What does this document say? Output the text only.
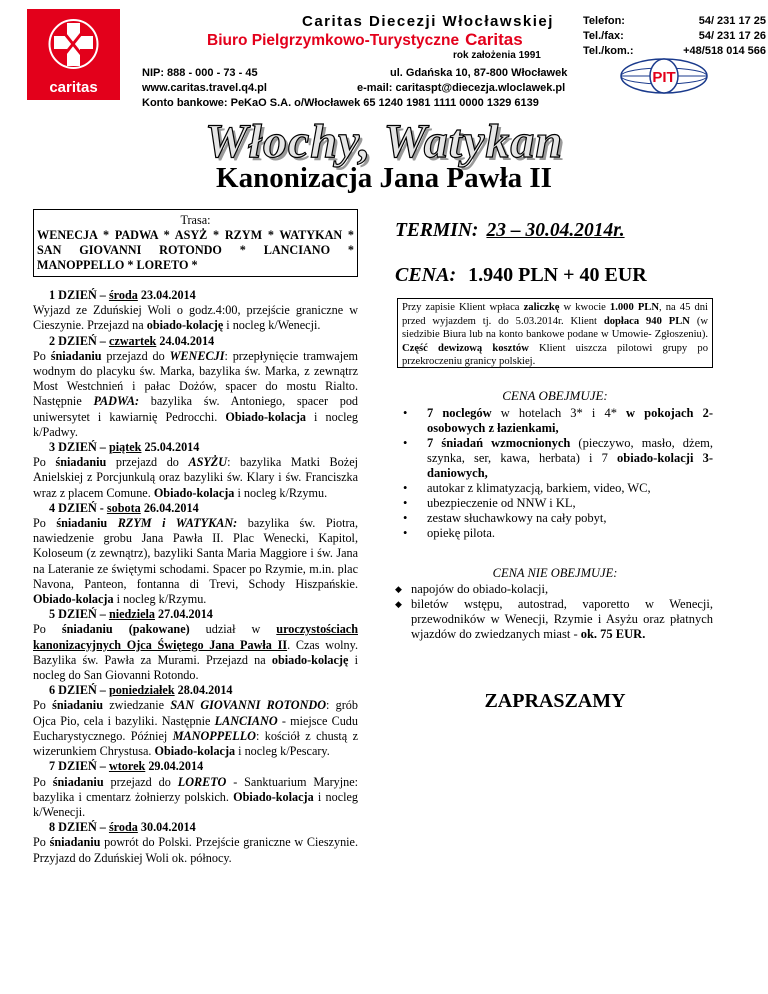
caritas
Caritas Diecezji Włocławskiej
Biuro Pielgrzymkowo-Turystyczne Caritas
rok założenia 1991
NIP: 888 - 000 - 73 - 45	ul. Gdańska 10, 87-800 Włocławek
www.caritas.travel.q4.pl	e-mail: caritaspt@diecezja.wloclawek.pl
Konto bankowe: PeKaO S.A. o/Włocławek 65 1240 1981 1111 0000 1329 6139
Telefon:	54/ 231 17 25
Tel./fax:	54/ 231 17 26
Tel./kom.:	+48/518 014 566
PIT
Włochy, Watykan
Kanonizacja Jana Pawła II
Trasa:
WENECJA * PADWA * ASYŻ * RZYM * WATYKAN * SAN GIOVANNI ROTONDO * LANCIANO * MANOPPELLO * LORETO *

1 DZIEŃ – środa 23.04.2014

Wyjazd ze Zduńskiej Woli o godz.4:00, przejście graniczne w Cieszynie. Przejazd na obiado-kolację i nocleg k/Wenecji.

2 DZIEŃ – czwartek 24.04.2014

Po śniadaniu przejazd do WENECJI: przepłynięcie tramwajem wodnym do placyku św. Marka, bazylika św. Marka, z zewnątrz Most Westchnień i pałac Dożów, spacer do mostu Rialto. Następnie PADWA: bazylika św. Antoniego, spacer pod uniwersytet i kawiarnię Pedrocchi. Obiado-kolacja i nocleg k/Padwy.

3 DZIEŃ – piątek 25.04.2014

Po śniadaniu przejazd do ASYŻU: bazylika Matki Bożej Anielskiej z Porcjunkulą oraz bazyliki św. Klary i św. Franciszka wraz z placem Comune. Obiado-kolacja i nocleg k/Rzymu.

4 DZIEŃ - sobota 26.04.2014

Po śniadaniu RZYM i WATYKAN: bazylika św. Piotra, nawiedzenie grobu Jana Pawła II. Plac Wenecki, Kapitol, Koloseum (z zewnątrz), bazyliki Santa Maria Maggiore i św. Jana na Lateranie ze świętymi schodami. Spacer po Rzymie, m.in. plac Navona, Panteon, fontanna di Trevi, Schody Hiszpańskie. Obiado-kolacja i nocleg k/Rzymu.

5 DZIEŃ – niedziela 27.04.2014

Po śniadaniu (pakowane) udział w uroczystościach kanonizacyjnych Ojca Świętego Jana Pawła II. Czas wolny. Bazylika św. Pawła za Murami. Przejazd na obiado-kolację i nocleg do San Giovanni Rotondo.

6 DZIEŃ – poniedziałek 28.04.2014

Po śniadaniu zwiedzanie SAN GIOVANNI ROTONDO: grób Ojca Pio, cela i bazyliki. Następnie LANCIANO - miejsce Cudu Eucharystycznego. Później MANOPPELLO: kościół z chustą z wizerunkiem Chrystusa. Obiado-kolacja i nocleg k/Pescary.

7 DZIEŃ – wtorek 29.04.2014

Po śniadaniu przejazd do LORETO - Sanktuarium Maryjne: bazylika i cmentarz żołnierzy polskich. Obiado-kolacja i nocleg k/Wenecji.

8 DZIEŃ – środa 30.04.2014

Po śniadaniu powrót do Polski. Przejście graniczne w Cieszynie. Przyjazd do Zduńskiej Woli ok. północy.

TERMIN: 23 – 30.04.2014r.
CENA: 1.940 PLN + 40 EUR
Przy zapisie Klient wpłaca zaliczkę w kwocie 1.000 PLN, na 45 dni przed wyjazdem tj. do 5.03.2014r. Klient dopłaca 940 PLN (w siedzibie Biura lub na konto bankowe podane w Umowie- Zgłoszeniu). Część dewizową kosztów Klient uiszcza pilotowi grupy po przekroczeniu granicy polskiej.
CENA OBEJMUJE:
• 7 noclegów w hotelach 3* i 4* w pokojach 2-osobowych z łazienkami,
• 7 śniadań wzmocnionych (pieczywo, masło, dżem, szynka, ser, kawa, herbata) i 7 obiado-kolacji 3-daniowych,
• autokar z klimatyzacją, barkiem, video, WC,
• ubezpieczenie od NNW i KL,
• zestaw słuchawkowy na cały pobyt,
• opiekę pilota.
CENA NIE OBEJMUJE:
◆ napojów do obiado-kolacji,
◆ biletów wstępu, autostrad, vaporetto w Wenecji, przewodników w Wenecji, Rzymie i Asyżu oraz płatnych wjazdów do zwiedzanych miast - ok. 75 EUR.
ZAPRASZAMY
